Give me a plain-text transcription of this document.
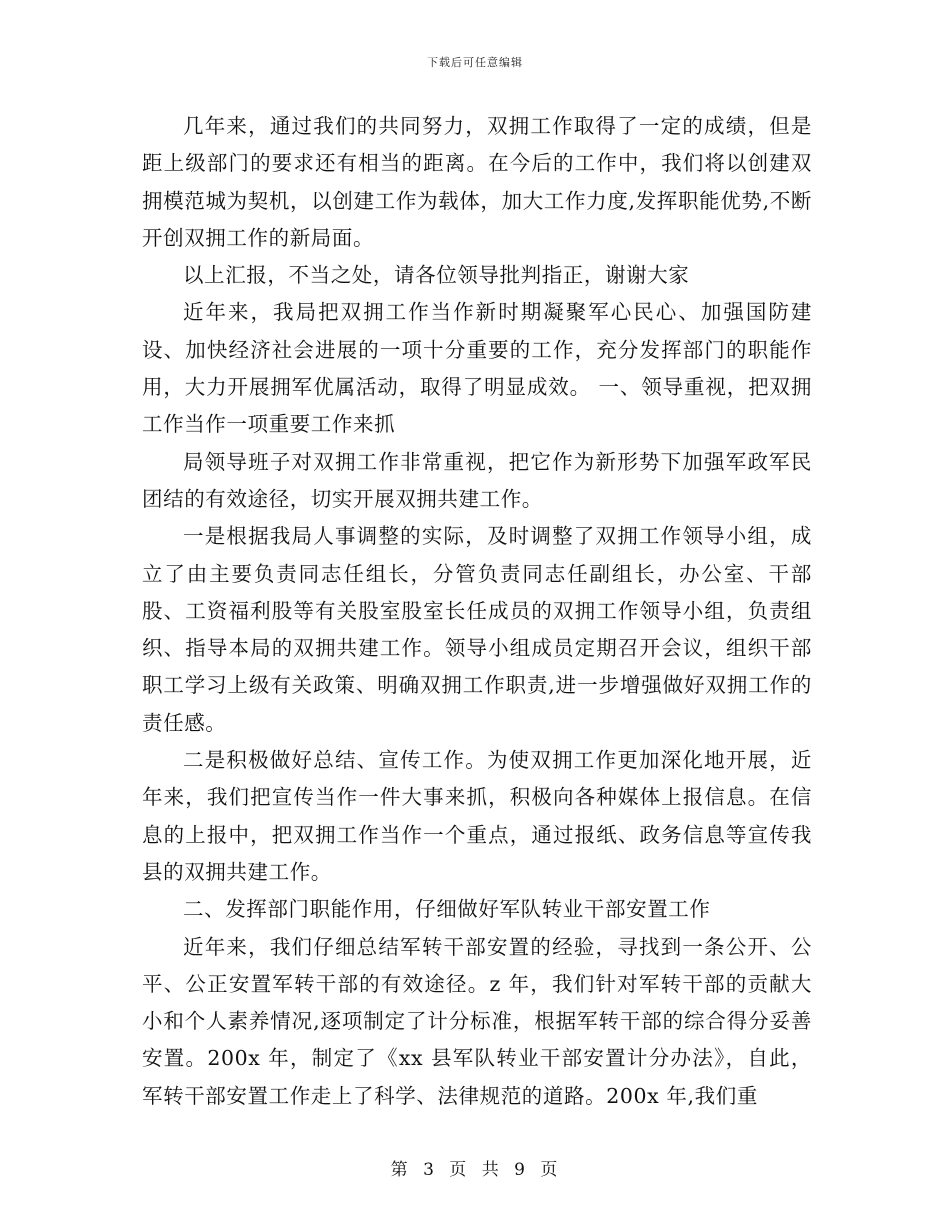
下载后可任意编辑

几年来，通过我们的共同努力，双拥工作取得了一定的成绩，但是距上级部门的要求还有相当的距离。在今后的工作中，我们将以创建双拥模范城为契机，以创建工作为载体，加大工作力度,发挥职能优势,不断开创双拥工作的新局面。

以上汇报，不当之处，请各位领导批判指正，谢谢大家

近年来，我局把双拥工作当作新时期凝聚军心民心、加强国防建设、加快经济社会进展的一项十分重要的工作，充分发挥部门的职能作用，大力开展拥军优属活动，取得了明显成效。 一、领导重视，把双拥工作当作一项重要工作来抓

局领导班子对双拥工作非常重视，把它作为新形势下加强军政军民团结的有效途径，切实开展双拥共建工作。

一是根据我局人事调整的实际，及时调整了双拥工作领导小组，成立了由主要负责同志任组长，分管负责同志任副组长，办公室、干部股、工资福利股等有关股室股室长任成员的双拥工作领导小组，负责组织、指导本局的双拥共建工作。领导小组成员定期召开会议，组织干部职工学习上级有关政策、明确双拥工作职责,进一步增强做好双拥工作的责任感。

二是积极做好总结、宣传工作。为使双拥工作更加深化地开展，近年来，我们把宣传当作一件大事来抓，积极向各种媒体上报信息。在信息的上报中，把双拥工作当作一个重点，通过报纸、政务信息等宣传我县的双拥共建工作。

二、发挥部门职能作用，仔细做好军队转业干部安置工作

近年来，我们仔细总结军转干部安置的经验，寻找到一条公开、公平、公正安置军转干部的有效途径。z 年，我们针对军转干部的贡献大小和个人素养情况,逐项制定了计分标准，根据军转干部的综合得分妥善安置。200x 年，制定了《xx 县军队转业干部安置计分办法》，自此，军转干部安置工作走上了科学、法律规范的道路。200x 年,我们重

第 3 页 共 9 页
